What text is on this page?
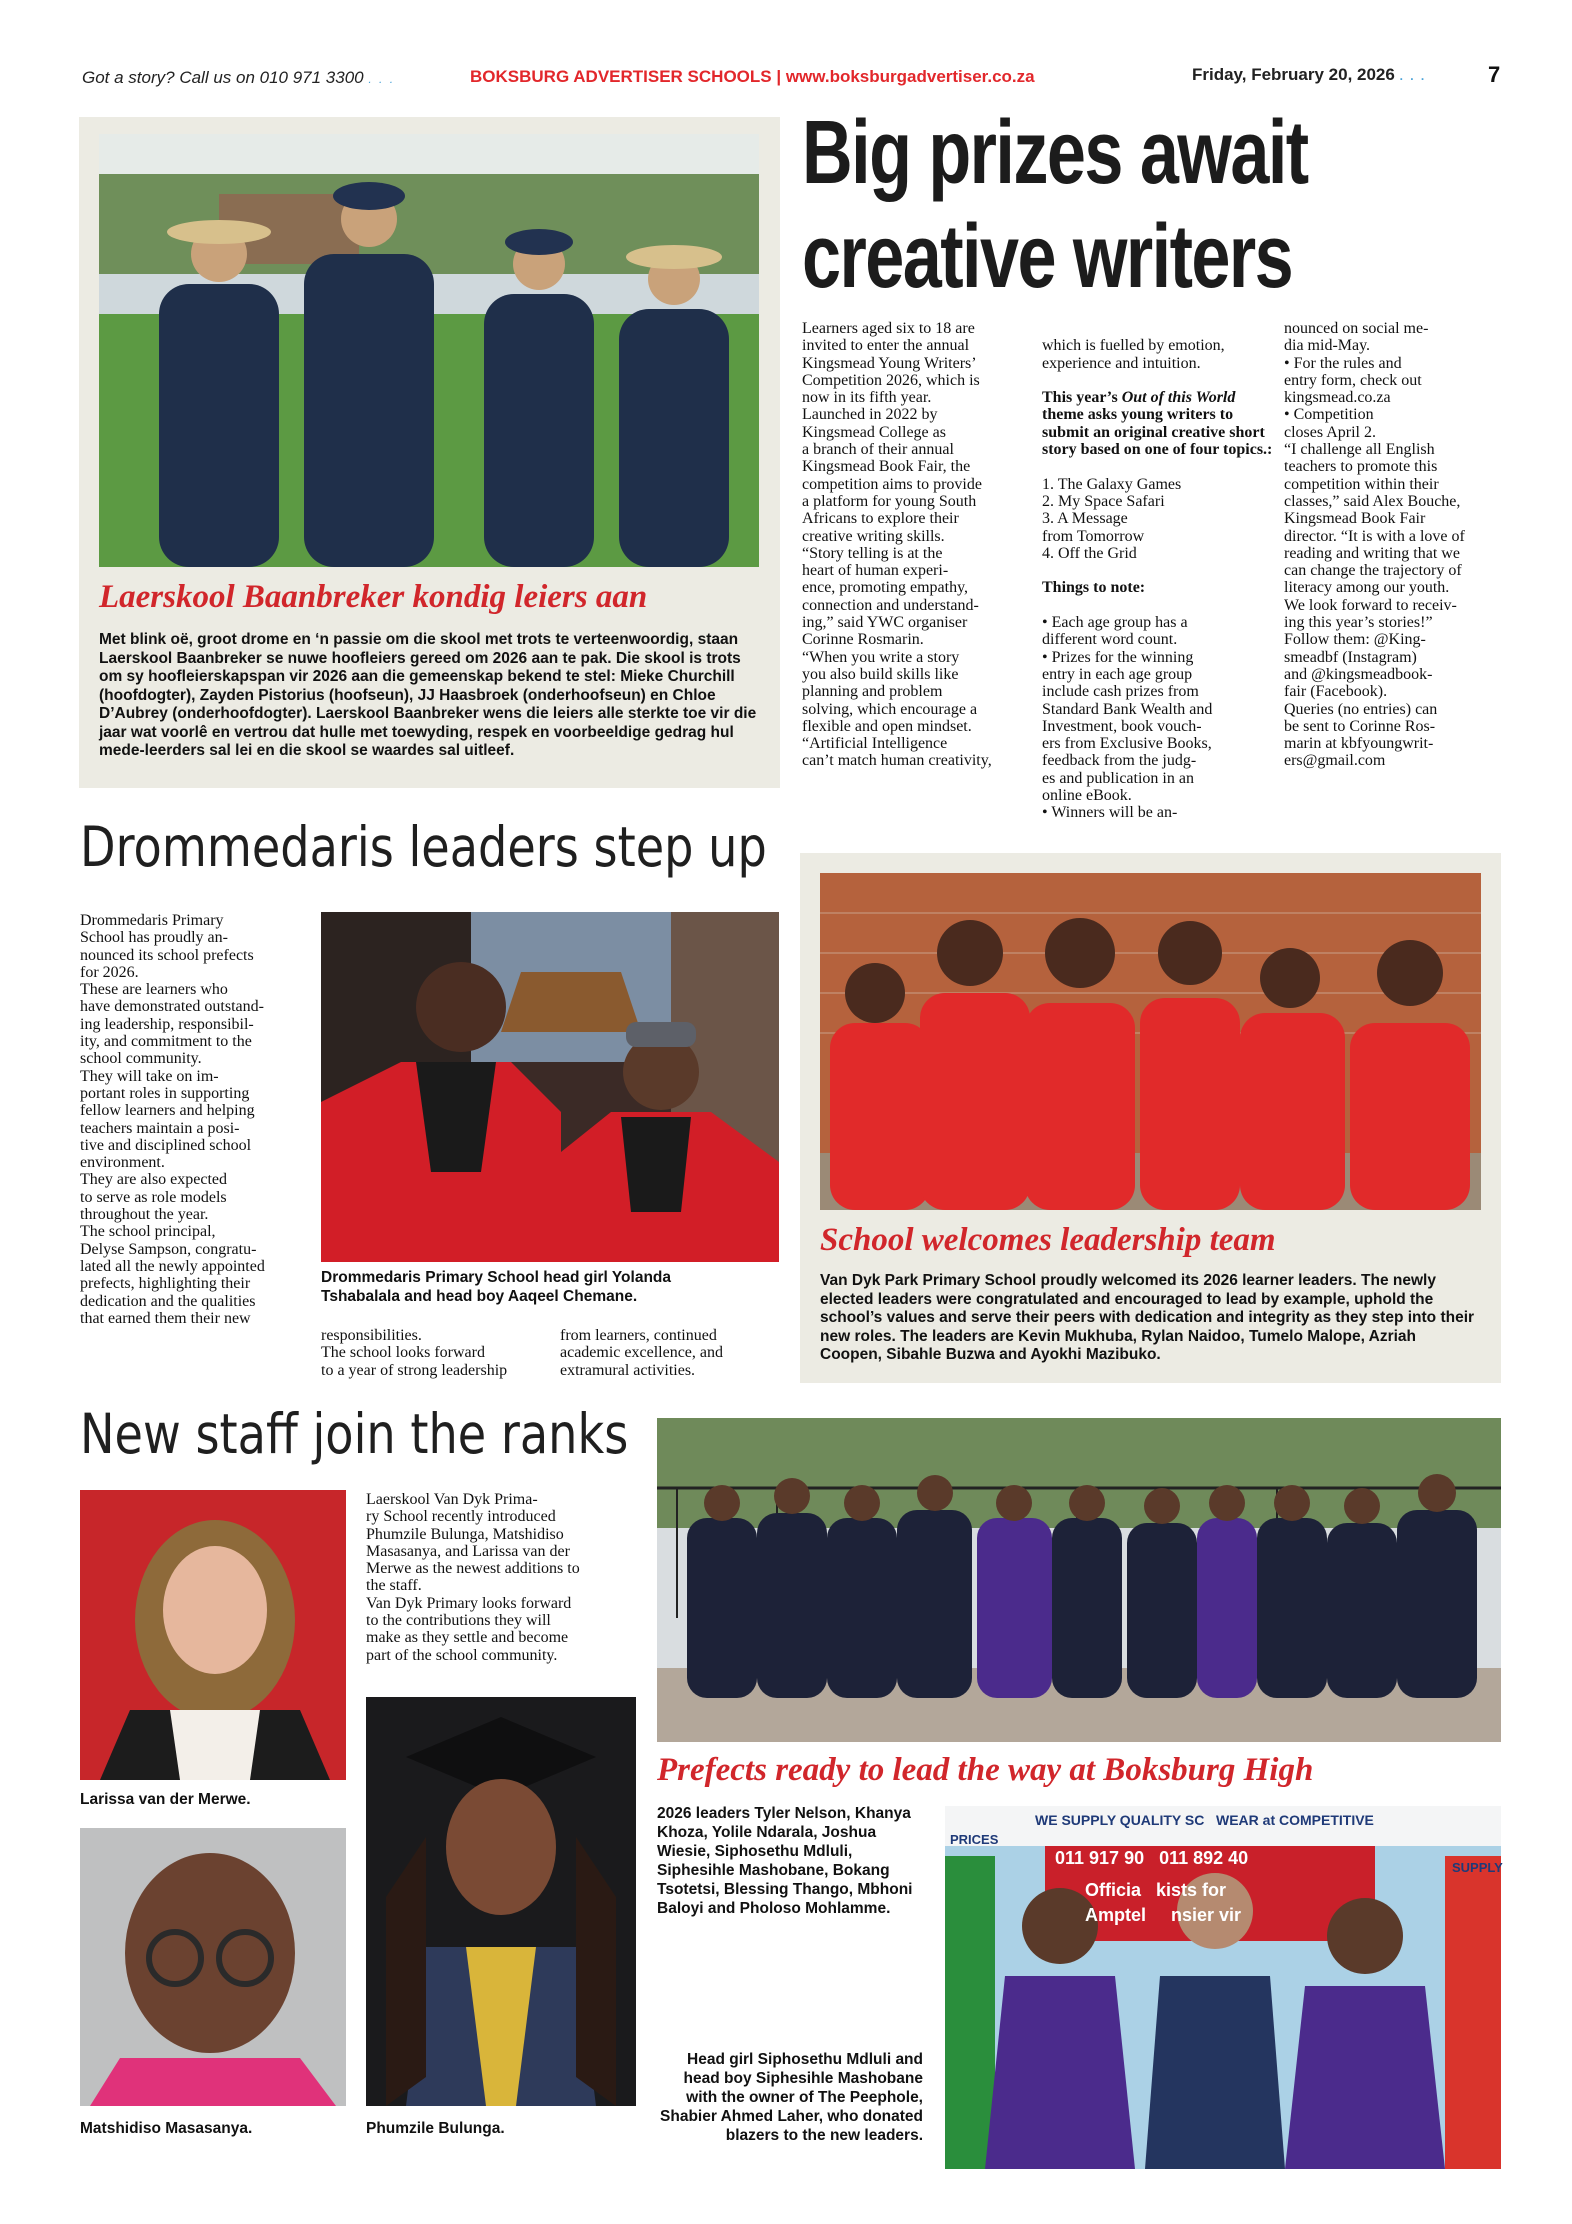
Got a story? Call us on 010 971 3300 . . .	BOKSBURG ADVERTISER SCHOOLS | www.boksburgadvertiser.co.za	Friday, February 20, 2026 . . .	7
Laerskool Baanbreker kondig leiers aan
Met blink oë, groot drome en ‘n passie om die skool met trots te verteenwoordig, staan Laerskool Baanbreker se nuwe hoofleiers gereed om 2026 aan te pak. Die skool is trots om sy hoofleierskapspan vir 2026 aan die gemeenskap bekend te stel: Mieke Churchill (hoofdogter), Zayden Pistorius (hoofseun), JJ Haasbroek (onderhoofseun) en Chloe D’Aubrey (onderhoofdogter). Laerskool Baanbreker wens die leiers alle sterkte toe vir die jaar wat voorlê en vertrou dat hulle met toewyding, respek en voorbeeldige gedrag hul mede-leerders sal lei en die skool se waardes sal uitleef.
Big prizes await
creative writers
Learners aged six to 18 are
invited to enter the annual
Kingsmead Young Writers’
Competition 2026, which is
now in its fifth year.
Launched in 2022 by
Kingsmead College as
a branch of their annual
Kingsmead Book Fair, the
competition aims to provide
a platform for young South
Africans to explore their
creative writing skills.
“Story telling is at the
heart of human experi-
ence, promoting empathy,
connection and understand-
ing,” said YWC organiser
Corinne Rosmarin.
“When you write a story
you also build skills like
planning and problem
solving, which encourage a
flexible and open mindset.
“Artificial Intelligence
can’t match human creativity,

which is fuelled by emotion,
experience and intuition.

This year’s Out of this World theme asks young writers to submit an original creative short story based on one of four topics.:

1. The Galaxy Games
2. My Space Safari
3. A Message
from Tomorrow
4. Off the Grid

Things to note:

• Each age group has a
different word count.
• Prizes for the winning
entry in each age group
include cash prizes from
Standard Bank Wealth and
Investment, book vouch-
ers from Exclusive Books,
feedback from the judg-
es and publication in an
online eBook.
• Winners will be an-

nounced on social me-
dia mid-May.
• For the rules and
entry form, check out
kingsmead.co.za
• Competition
closes April 2.
“I challenge all English
teachers to promote this
competition within their
classes,” said Alex Bouche,
Kingsmead Book Fair
director. “It is with a love of
reading and writing that we
can change the trajectory of
literacy among our youth.
We look forward to receiv-
ing this year’s stories!”
Follow them: @King-
smeadbf (Instagram)
and @kingsmeadbook-
fair (Facebook).
Queries (no entries) can
be sent to Corinne Ros-
marin at kbfyoungwrit-
ers@gmail.com
Drommedaris leaders step up
Drommedaris Primary
School has proudly an-
nounced its school prefects
for 2026.
These are learners who
have demonstrated outstand-
ing leadership, responsibil-
ity, and commitment to the
school community.
They will take on im-
portant roles in supporting
fellow learners and helping
teachers maintain a posi-
tive and disciplined school
environment.
They are also expected
to serve as role models
throughout the year.
The school principal,
Delyse Sampson, congratu-
lated all the newly appointed
prefects, highlighting their
dedication and the qualities
that earned them their new
Drommedaris Primary School head girl Yolanda Tshabalala and head boy Aaqeel Chemane.
responsibilities.
The school looks forward
to a year of strong leadership
from learners, continued
academic excellence, and
extramural activities.
School welcomes leadership team
Van Dyk Park Primary School proudly welcomed its 2026 learner leaders. The newly elected leaders were congratulated and encouraged to lead by example, uphold the school’s values and serve their peers with dedication and integrity as they step into their new roles. The leaders are Kevin Mukhuba, Rylan Naidoo, Tumelo Malope, Azriah Coopen, Sibahle Buzwa and Ayokhi Mazibuko.
New staff join the ranks
Larissa van der Merwe.
Matshidiso Masasanya.
Laerskool Van Dyk Prima-
ry School recently introduced
Phumzile Bulunga, Matshidiso
Masasanya, and Larissa van der
Merwe as the newest additions to
the staff.
Van Dyk Primary looks forward
to the contributions they will
make as they settle and become
part of the school community.
Phumzile Bulunga.
Prefects ready to lead the way at Boksburg High
2026 leaders Tyler Nelson, Khanya Khoza, Yolile Ndarala, Joshua Wiesie, Siphosethu Mdluli, Siphesihle Mashobane, Bokang Tsotetsi, Blessing Thango, Mbhoni Baloyi and Pholoso Mohlamme.
Head girl Siphosethu Mdluli and head boy Siphesihle Mashobane with the owner of The Peephole, Shabier Ahmed Laher, who donated blazers to the new leaders.
WE SUPPLY QUALITY SC   WEAR at COMPETITIVE
011 917 90   011 892 40
Officia   kists for
Amptel     nsier vir
PRICES
SUPPLY
